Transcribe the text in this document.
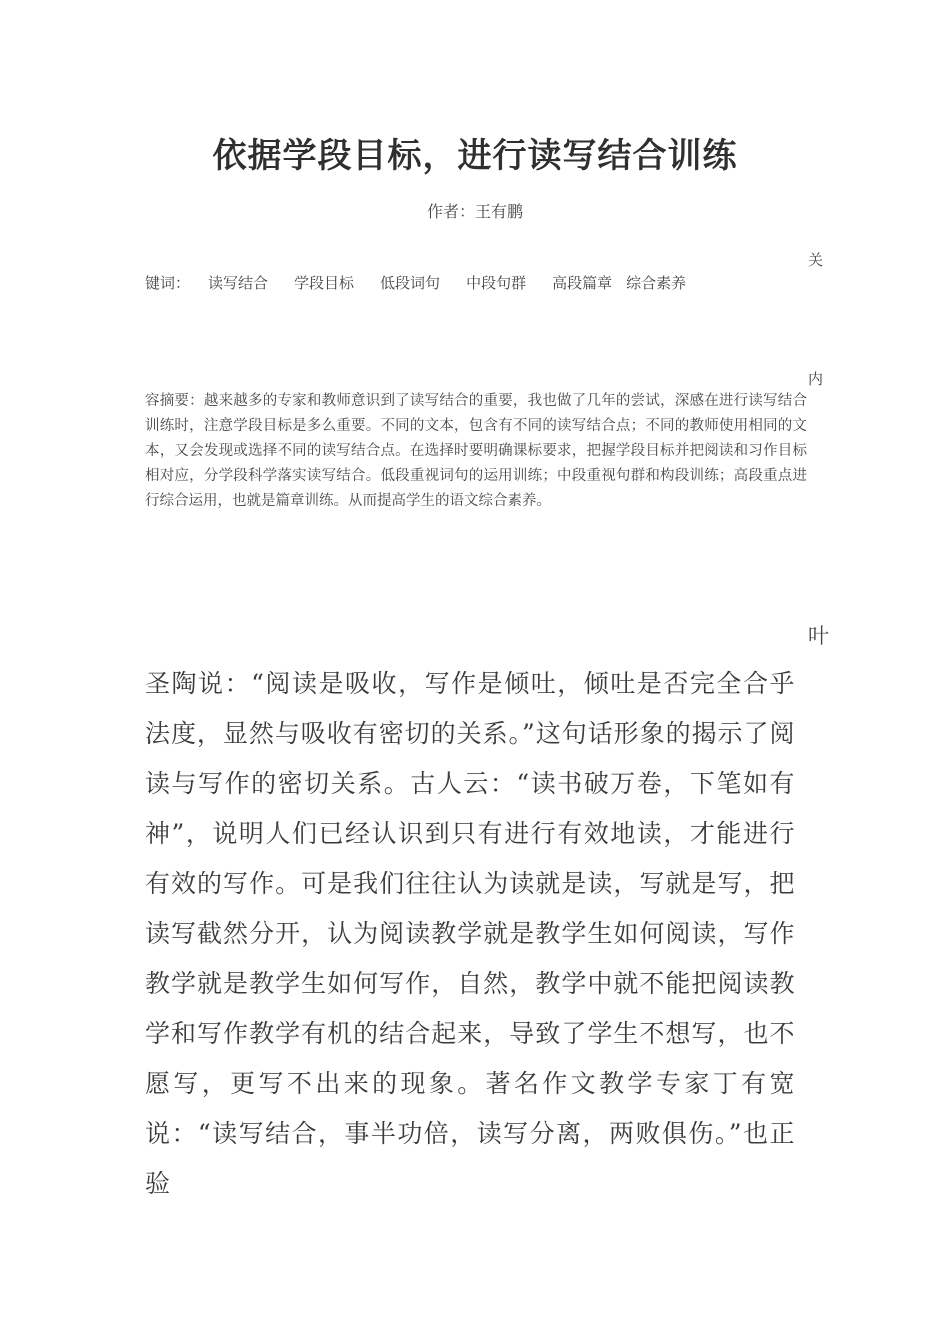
依据学段目标，进行读写结合训练
作者：王有鹏
关
键词： 读写结合 学段目标 低段词句 中段句群 高段篇章 综合素养
内
容摘要：越来越多的专家和教师意识到了读写结合的重要，我也做了几年的尝试，深感在进行读写结合训练时，注意学段目标是多么重要。不同的文本，包含有不同的读写结合点；不同的教师使用相同的文本，又会发现或选择不同的读写结合点。在选择时要明确课标要求，把握学段目标并把阅读和习作目标相对应，分学段科学落实读写结合。低段重视词句的运用训练；中段重视句群和构段训练；高段重点进行综合运用，也就是篇章训练。从而提高学生的语文综合素养。
叶
圣陶说：“阅读是吸收，写作是倾吐，倾吐是否完全合乎法度，显然与吸收有密切的关系。”这句话形象的揭示了阅读与写作的密切关系。古人云：“读书破万卷，下笔如有神”，说明人们已经认识到只有进行有效地读，才能进行有效的写作。可是我们往往认为读就是读，写就是写，把读写截然分开，认为阅读教学就是教学生如何阅读，写作教学就是教学生如何写作，自然，教学中就不能把阅读教学和写作教学有机的结合起来，导致了学生不想写，也不愿写，更写不出来的现象。著名作文教学专家丁有宽说：“读写结合，事半功倍，读写分离，两败俱伤。”也正验
